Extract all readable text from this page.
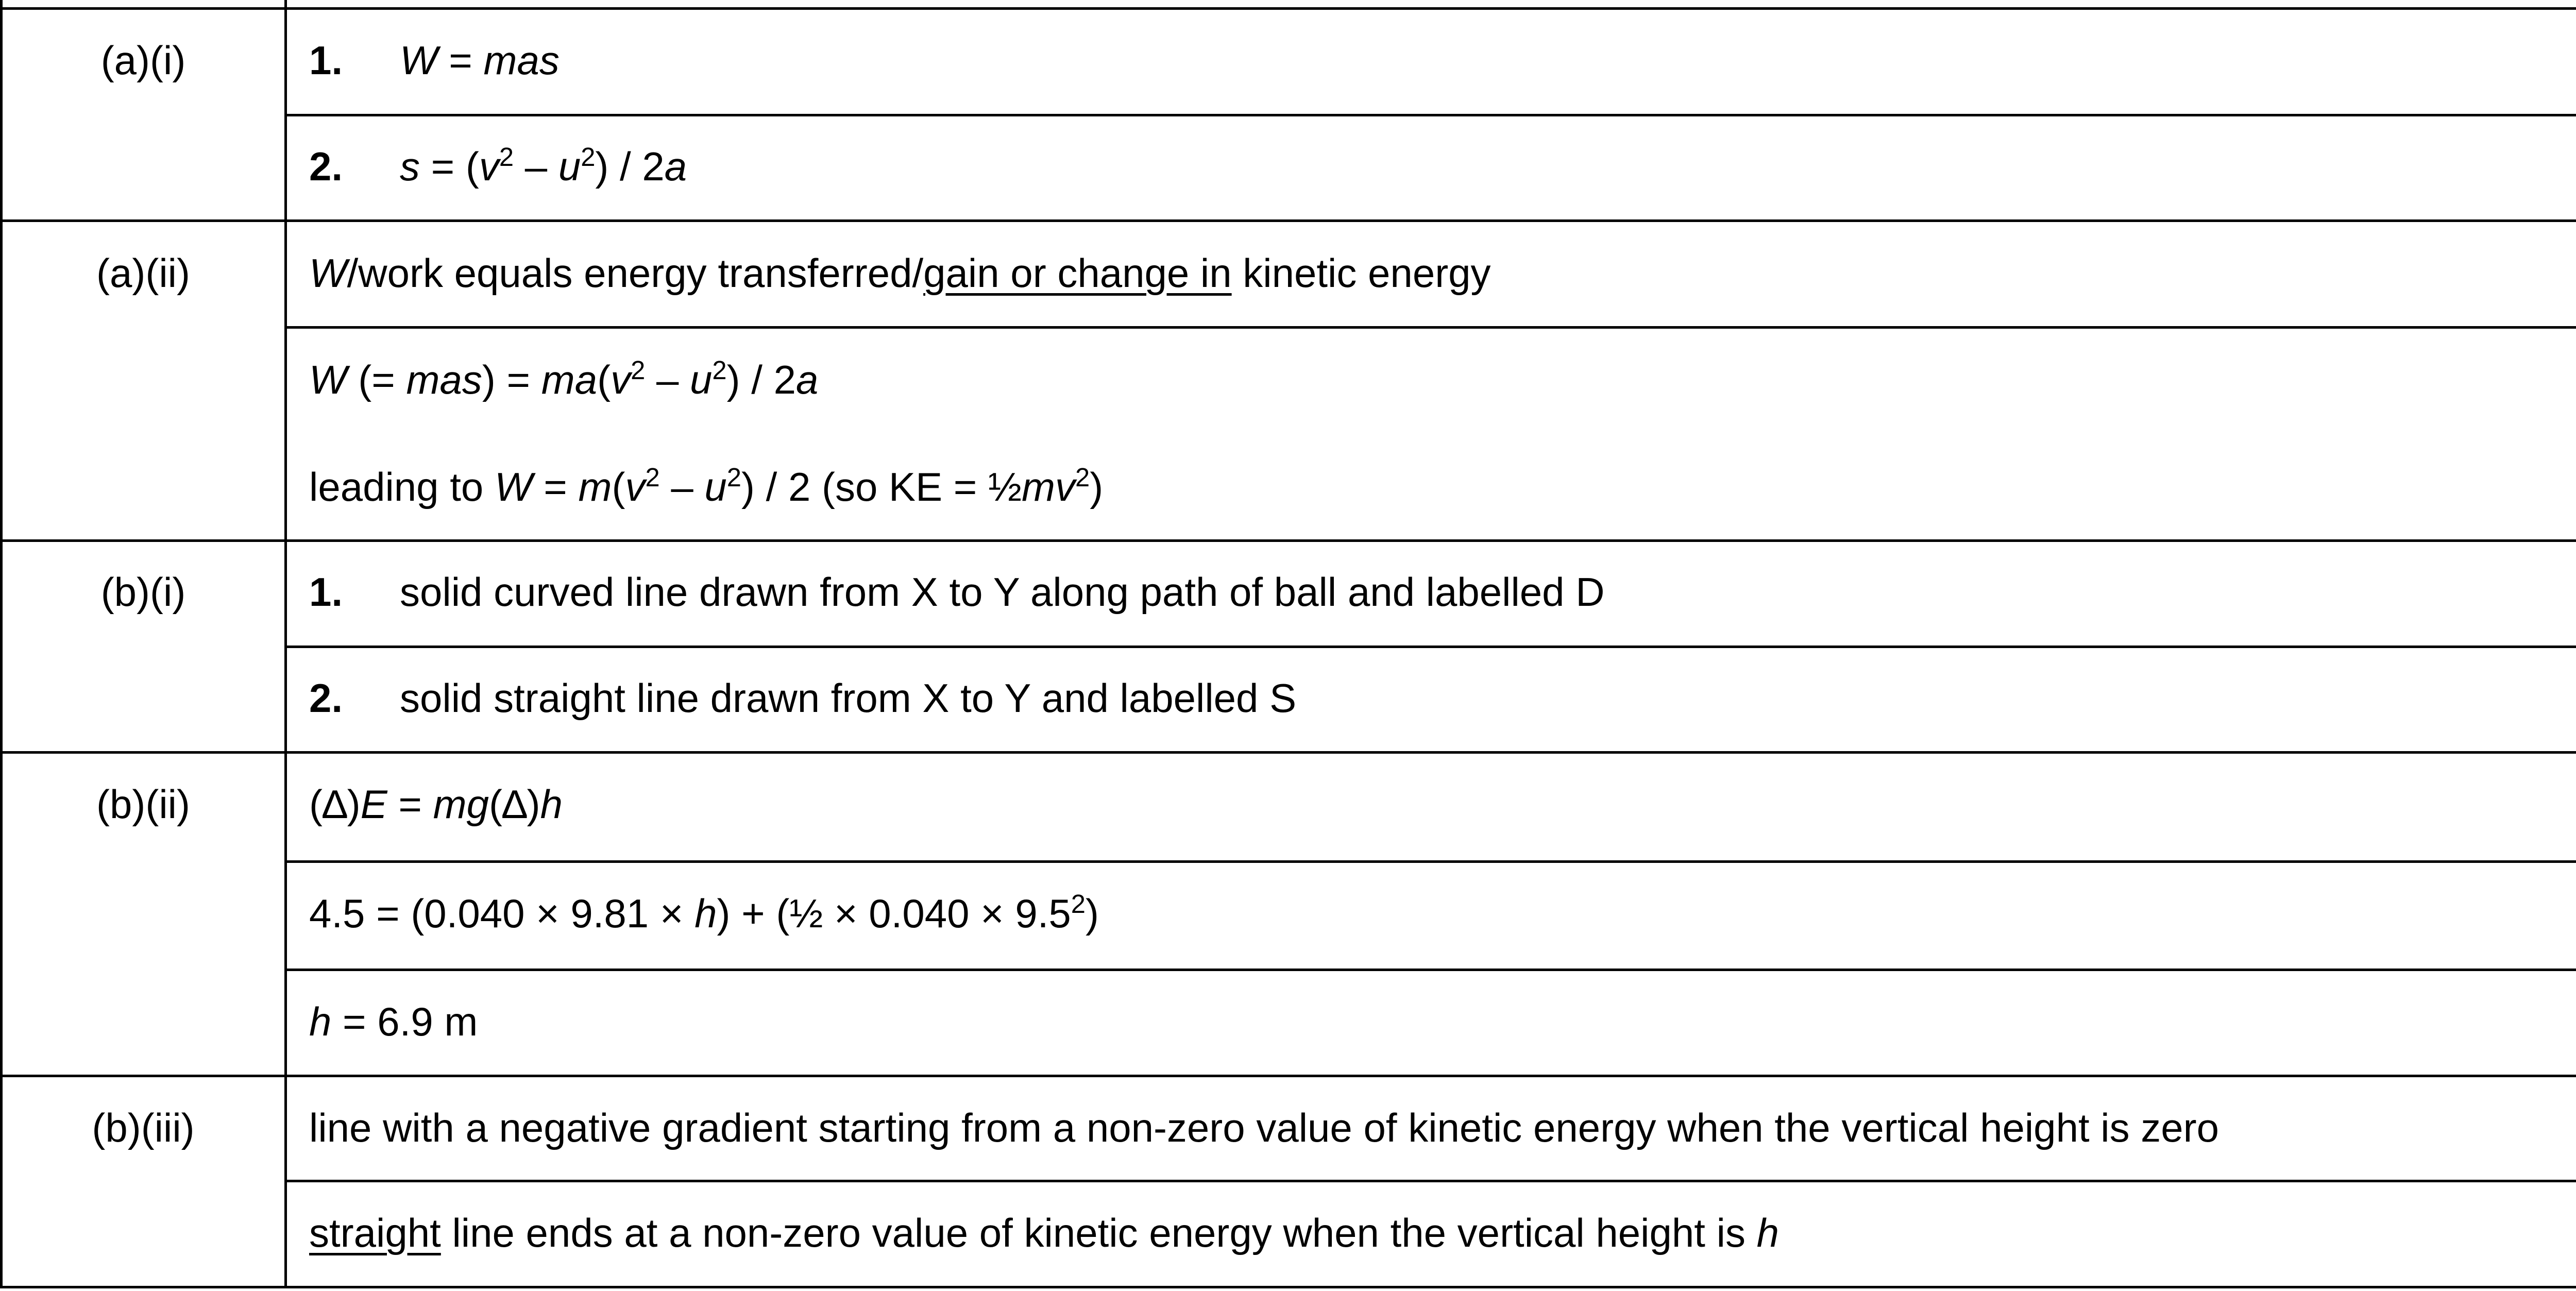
(a)(i)
(a)(ii)
(b)(i)
(b)(ii)
(b)(iii)
1. W = mas
2. $s = (v^2 - u^2) / 2a$
W/work equals energy transferred/gain or change in kinetic energy
W (= $mas) = ma(v^2 - u^2) / 2a$
leading to $W = m(v^2 - u^2) / 2$ (so KE = $\frac{1}{2}mv^2$)
1. solid curved line drawn from X to Y along path of ball and labelled D
2. solid straight line drawn from X to Y and labelled S
(∆)E = mg(∆)h
4.5 = (0.040 × 9.81 × h) + (½ × $0.040 \times 9.5^2$)
h = 6.9 m
line with a negative gradient starting from a non-zero value of kinetic energy when the vertical height is zero
straight line ends at a non-zero value of kinetic energy when the vertical height is h
